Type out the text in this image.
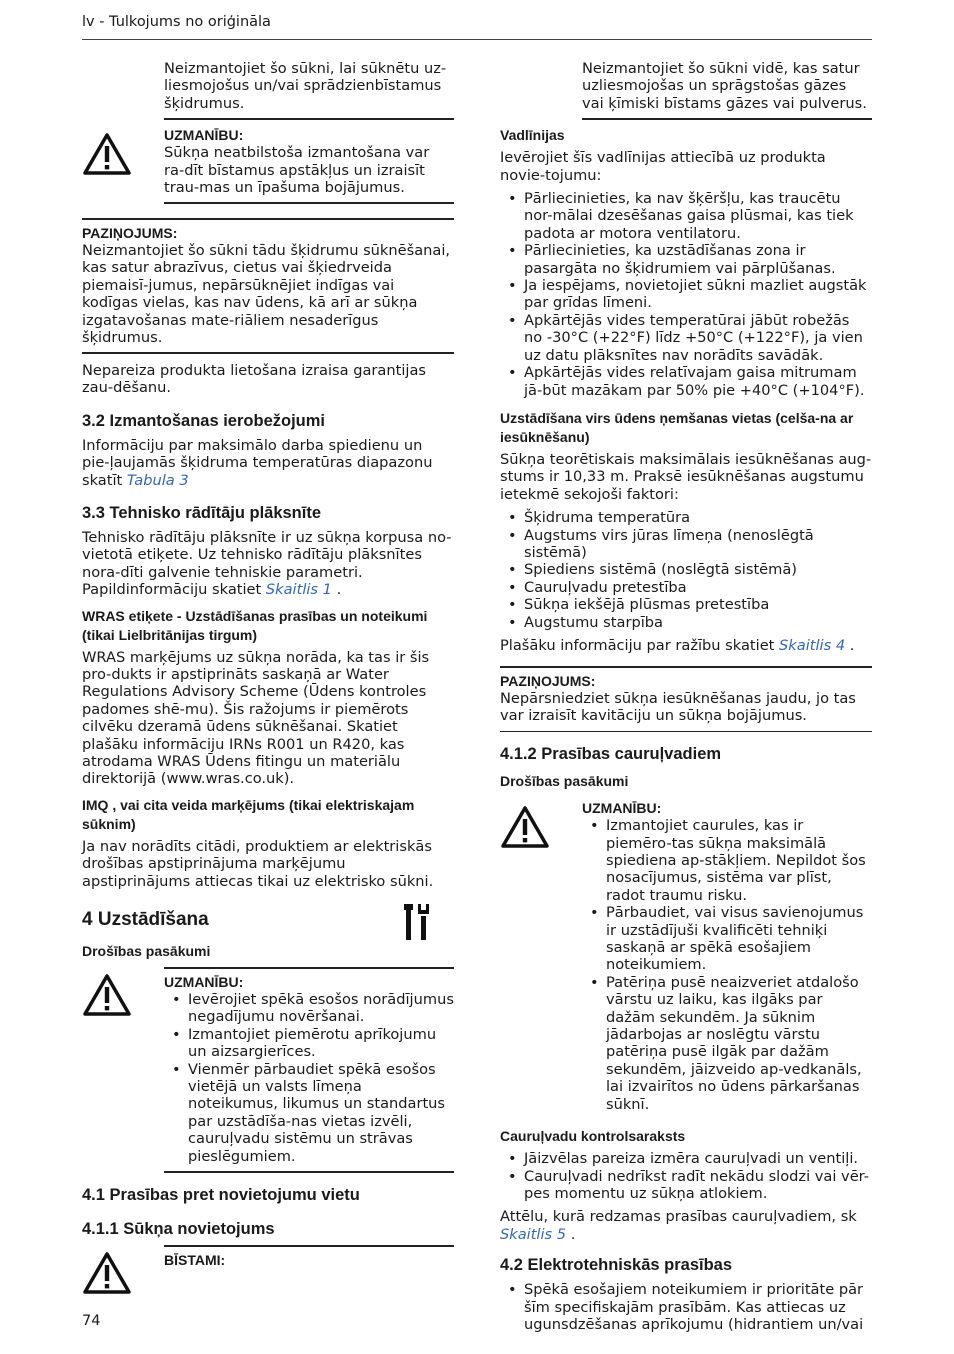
lv - Tulkojums no oriģināla

Neizmantojiet šo sūkni, lai sūknētu uz-liesmojošus un/vai sprādzienbīstamus šķidrumus.

UZMANĪBU:

Sūkņa neatbilstoša izmantošana var ra-dīt bīstamus apstākļus un izraisīt trau-mas un īpašuma bojājumus.

PAZIŅOJUMS:

Neizmantojiet šo sūkni tādu šķidrumu sūknēšanai, kas satur abrazīvus, cietus vai šķiedrveida piemaisī-jumus, nepārsūknējiet indīgas vai kodīgas vielas, kas nav ūdens, kā arī ar sūkņa izgatavošanas mate-riāliem nesaderīgus šķidrumus.

Nepareiza produkta lietošana izraisa garantijas zau-dēšanu.

3.2 Izmantošanas ierobežojumi

Informāciju par maksimālo darba spiedienu un pie-ļaujamās šķidruma temperatūras diapazonu skatīt Tabula 3

3.3 Tehnisko rādītāju plāksnīte

Tehnisko rādītāju plāksnīte ir uz sūkņa korpusa no-vietotā etiķete. Uz tehnisko rādītāju plāksnītes nora-dīti galvenie tehniskie parametri. Papildinformāciju skatiet Skaitlis 1 .

WRAS etiķete - Uzstādīšanas prasības un noteikumi (tikai Lielbritānijas tirgum)

WRAS marķējums uz sūkņa norāda, ka tas ir šis pro-dukts ir apstiprināts saskaņā ar Water Regulations Advisory Scheme (Ūdens kontroles padomes shē-mu). Šis ražojums ir piemērots cilvēku dzeramā ūdens sūknēšanai. Skatiet plašāku informāciju IRNs R001 un R420, kas atrodama WRAS Ūdens fitingu un materiālu direktorijā (www.wras.co.uk).

IMQ , vai cita veida marķējums (tikai elektriskajam sūknim)

Ja nav norādīts citādi, produktiem ar elektriskās drošības apstiprinājuma marķējumu apstiprinājums attiecas tikai uz elektrisko sūkni.

4 Uzstādīšana
Drošības pasākumi
UZMANĪBU:
• Ievērojiet spēkā esošos norādījumus negadījumu novēršanai.
• Izmantojiet piemērotu aprīkojumu un aizsargierīces.
• Vienmēr pārbaudiet spēkā esošos vietējā un valsts līmeņa noteikumus, likumus un standartus par uzstādīša-nas vietas izvēli, cauruļvadu sistēmu un strāvas pieslēgumiem.
4.1 Prasības pret novietojumu vietu
4.1.1 Sūkņa novietojums
BĪSTAMI:

Neizmantojiet šo sūkni vidē, kas satur uzliesmojošas un sprāgstošas gāzes vai ķīmiski bīstams gāzes vai pulverus.

Vadlīnijas

Ievērojiet šīs vadlīnijas attiecībā uz produkta novie-tojumu:

• Pārliecinieties, ka nav šķēršļu, kas traucētu nor-mālai dzesēšanas gaisa plūsmai, kas tiek padota ar motora ventilatoru.
• Pārliecinieties, ka uzstādīšanas zona ir pasargāta no šķidrumiem vai pārplūšanas.
• Ja iespējams, novietojiet sūkni mazliet augstāk par grīdas līmeni.
• Apkārtējās vides temperatūrai jābūt robežās no -30°C (+22°F) līdz +50°C (+122°F), ja vien uz datu plāksnītes nav norādīts savādāk.
• Apkārtējās vides relatīvajam gaisa mitrumam jā-būt mazākam par 50% pie +40°C (+104°F).
Uzstādīšana virs ūdens ņemšanas vietas (celša-na ar iesūknēšanu)

Sūkņa teorētiskais maksimālais iesūknēšanas aug-stums ir 10,33 m. Praksē iesūknēšanas augstumu ietekmē sekojoši faktori:

• Šķidruma temperatūra
• Augstums virs jūras līmeņa (nenoslēgtā sistēmā)
• Spiediens sistēmā (noslēgtā sistēmā)
• Cauruļvadu pretestība
• Sūkņa iekšējā plūsmas pretestība
• Augstumu starpība

Plašāku informāciju par ražību skatiet Skaitlis 4 .

PAZIŅOJUMS:

Nepārsniedziet sūkņa iesūknēšanas jaudu, jo tas var izraisīt kavitāciju un sūkņa bojājumus.

4.1.2 Prasības cauruļvadiem
Drošības pasākumi
UZMANĪBU:
• Izmantojiet caurules, kas ir piemēro-tas sūkņa maksimālā spiediena ap-stākļiem. Nepildot šos nosacījumus, sistēma var plīst, radot traumu risku.
• Pārbaudiet, vai visus savienojumus ir uzstādījuši kvalificēti tehniķi saskaņā ar spēkā esošajiem noteikumiem.
• Patēriņa pusē neaizveriet atdalošo vārstu uz laiku, kas ilgāks par dažām sekundēm. Ja sūknim jādarbojas ar noslēgtu vārstu patēriņa pusē ilgāk par dažām sekundēm, jāizveido ap-vedkanāls, lai izvairītos no ūdens pārkaršanas sūknī.
Cauruļvadu kontrolsaraksts
• Jāizvēlas pareiza izmēra cauruļvadi un ventiļi.
• Cauruļvadi nedrīkst radīt nekādu slodzi vai vēr-pes momentu uz sūkņa atlokiem.

Attēlu, kurā redzamas prasības cauruļvadiem, sk Skaitlis 5 .

4.2 Elektrotehniskās prasības
• Spēkā esošajiem noteikumiem ir prioritāte pār šīm specifiskajām prasībām. Kas attiecas uz ugunsdzēšanas aprīkojumu (hidrantiem un/vai
74
